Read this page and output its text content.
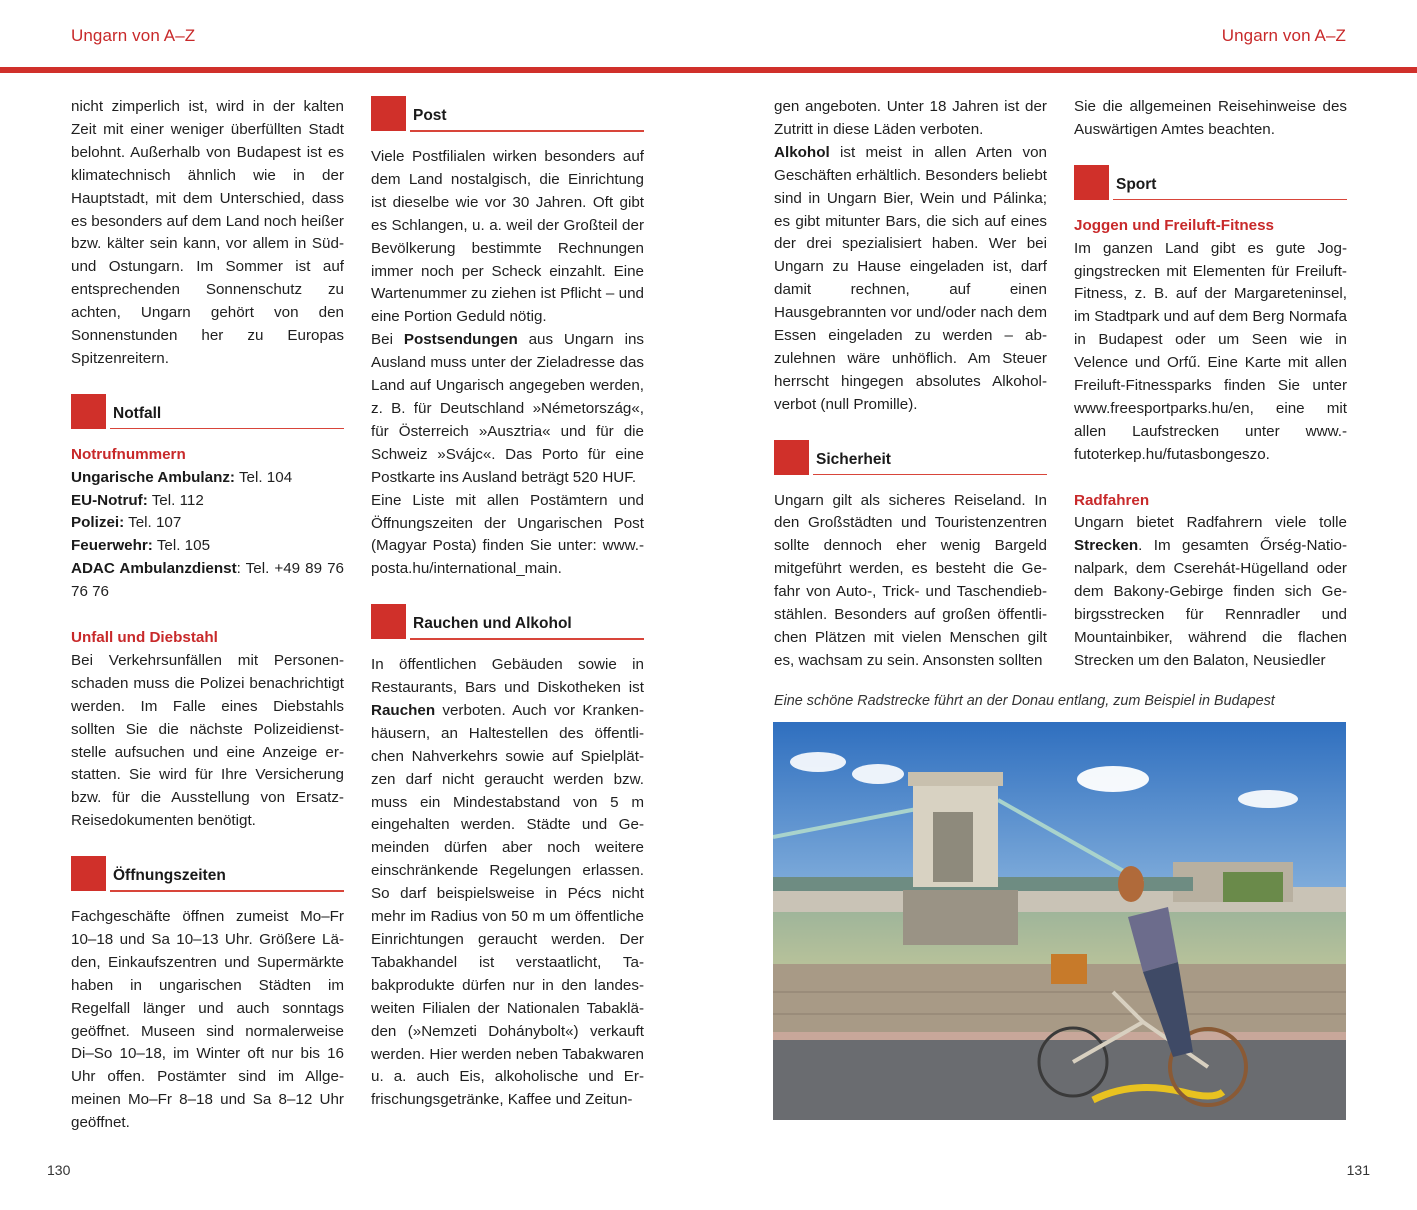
Ungarn von A–Z	Ungarn von A–Z

nicht zimperlich ist, wird in der kalten Zeit mit einer weniger überfüllten Stadt belohnt. Außerhalb von Budapest ist es klimatechnisch ähnlich wie in der Hauptstadt, mit dem Unterschied, dass es besonders auf dem Land noch heißer bzw. kälter sein kann, vor allem in Süd- und Ostungarn. Im Sommer ist auf entsprechenden Sonnenschutz zu achten, Ungarn gehört von den Sonnenstunden her zu Europas Spitzenreitern.

Notfall

Notrufnummern

Ungarische Ambulanz: Tel. 104

EU-Notruf: Tel. 112

Polizei: Tel. 107

Feuerwehr: Tel. 105

ADAC Ambulanzdienst: Tel. +49 89 76 76 76

Unfall und Diebstahl

Bei Verkehrsunfällen mit Personenschaden muss die Polizei benachrichtigt werden. Im Falle eines Diebstahls sollten Sie die nächste Polizeidienststelle aufsuchen und eine Anzeige erstatten. Sie wird für Ihre Versicherung bzw. für die Ausstellung von Ersatz-Reisedokumenten benötigt.

Öffnungszeiten

Fachgeschäfte öffnen zumeist Mo–Fr 10–18 und Sa 10–13 Uhr. Größere Läden, Einkaufszentren und Supermärkte haben in ungarischen Städten im Regelfall länger und auch sonntags geöffnet. Museen sind normalerweise Di–So 10–18, im Winter oft nur bis 16 Uhr offen. Postämter sind im Allgemeinen Mo–Fr 8–18 und Sa 8–12 Uhr geöffnet.

Post

Viele Postfilialen wirken besonders auf dem Land nostalgisch, die Einrichtung ist dieselbe wie vor 30 Jahren. Oft gibt es Schlangen, u. a. weil der Großteil der Bevölkerung bestimmte Rechnungen immer noch per Scheck einzahlt. Eine Wartenummer zu ziehen ist Pflicht – und eine Portion Geduld nötig.

Bei Postsendungen aus Ungarn ins Ausland muss unter der Zieladresse das Land auf Ungarisch angegeben werden, z. B. für Deutschland »Németország«, für Österreich »Ausztria« und für die Schweiz »Svájc«. Das Porto für eine Postkarte ins Ausland beträgt 520 HUF.

Eine Liste mit allen Postämtern und Öffnungszeiten der Ungarischen Post (Magyar Posta) finden Sie unter: www.posta.hu/international_main.

Rauchen und Alkohol

In öffentlichen Gebäuden sowie in Restaurants, Bars und Diskotheken ist Rauchen verboten. Auch vor Krankenhäusern, an Haltestellen des öffentlichen Nahverkehrs sowie auf Spielplätzen darf nicht geraucht werden bzw. muss ein Mindestabstand von 5 m eingehalten werden. Städte und Gemeinden dürfen aber noch weitere einschränkende Regelungen erlassen. So darf beispielsweise in Pécs nicht mehr im Radius von 50 m um öffentliche Einrichtungen geraucht werden. Der Tabakhandel ist verstaatlicht, Tabakprodukte dürfen nur in den landesweiten Filialen der Nationalen Tabakläden (»Nemzeti Dohánybolt«) verkauft werden. Hier werden neben Tabakwaren u. a. auch Eis, alkoholische und Erfrischungsgetränke, Kaffee und Zeitun-

gen angeboten. Unter 18 Jahren ist der Zutritt in diese Läden verboten.

Alkohol ist meist in allen Arten von Geschäften erhältlich. Besonders beliebt sind in Ungarn Bier, Wein und Pálinka; es gibt mitunter Bars, die sich auf eines der drei spezialisiert haben. Wer bei Ungarn zu Hause eingeladen ist, darf damit rechnen, auf einen Hausgebrannten vor und/oder nach dem Essen eingeladen zu werden – abzulehnen wäre unhöflich. Am Steuer herrscht hingegen absolutes Alkoholverbot (null Promille).

Sicherheit

Ungarn gilt als sicheres Reiseland. In den Großstädten und Touristenzentren sollte dennoch eher wenig Bargeld mitgeführt werden, es besteht die Gefahr von Auto-, Trick- und Taschendiebstählen. Besonders auf großen öffentlichen Plätzen mit vielen Menschen gilt es, wachsam zu sein. Ansonsten sollten

Sie die allgemeinen Reisehinweise des Auswärtigen Amtes beachten.

Sport

Joggen und Freiluft-Fitness

Im ganzen Land gibt es gute Joggingstrecken mit Elementen für Freiluft-Fitness, z. B. auf der Margareteninsel, im Stadtpark und auf dem Berg Normafa in Budapest oder um Seen wie in Velence und Orfű. Eine Karte mit allen Freiluft-Fitnessparks finden Sie unter www.freesportparks.hu/en, eine mit allen Laufstrecken unter www.futoterkep.hu/futasbongeszo.

Radfahren

Ungarn bietet Radfahrern viele tolle Strecken. Im gesamten Őrség-Nationalpark, dem Cserehát-Hügelland oder dem Bakony-Gebirge finden sich Gebirgsstrecken für Rennradler und Mountainbiker, während die flachen Strecken um den Balaton, Neusiedler

Eine schöne Radstrecke führt an der Donau entlang, zum Beispiel in Budapest
130	131
